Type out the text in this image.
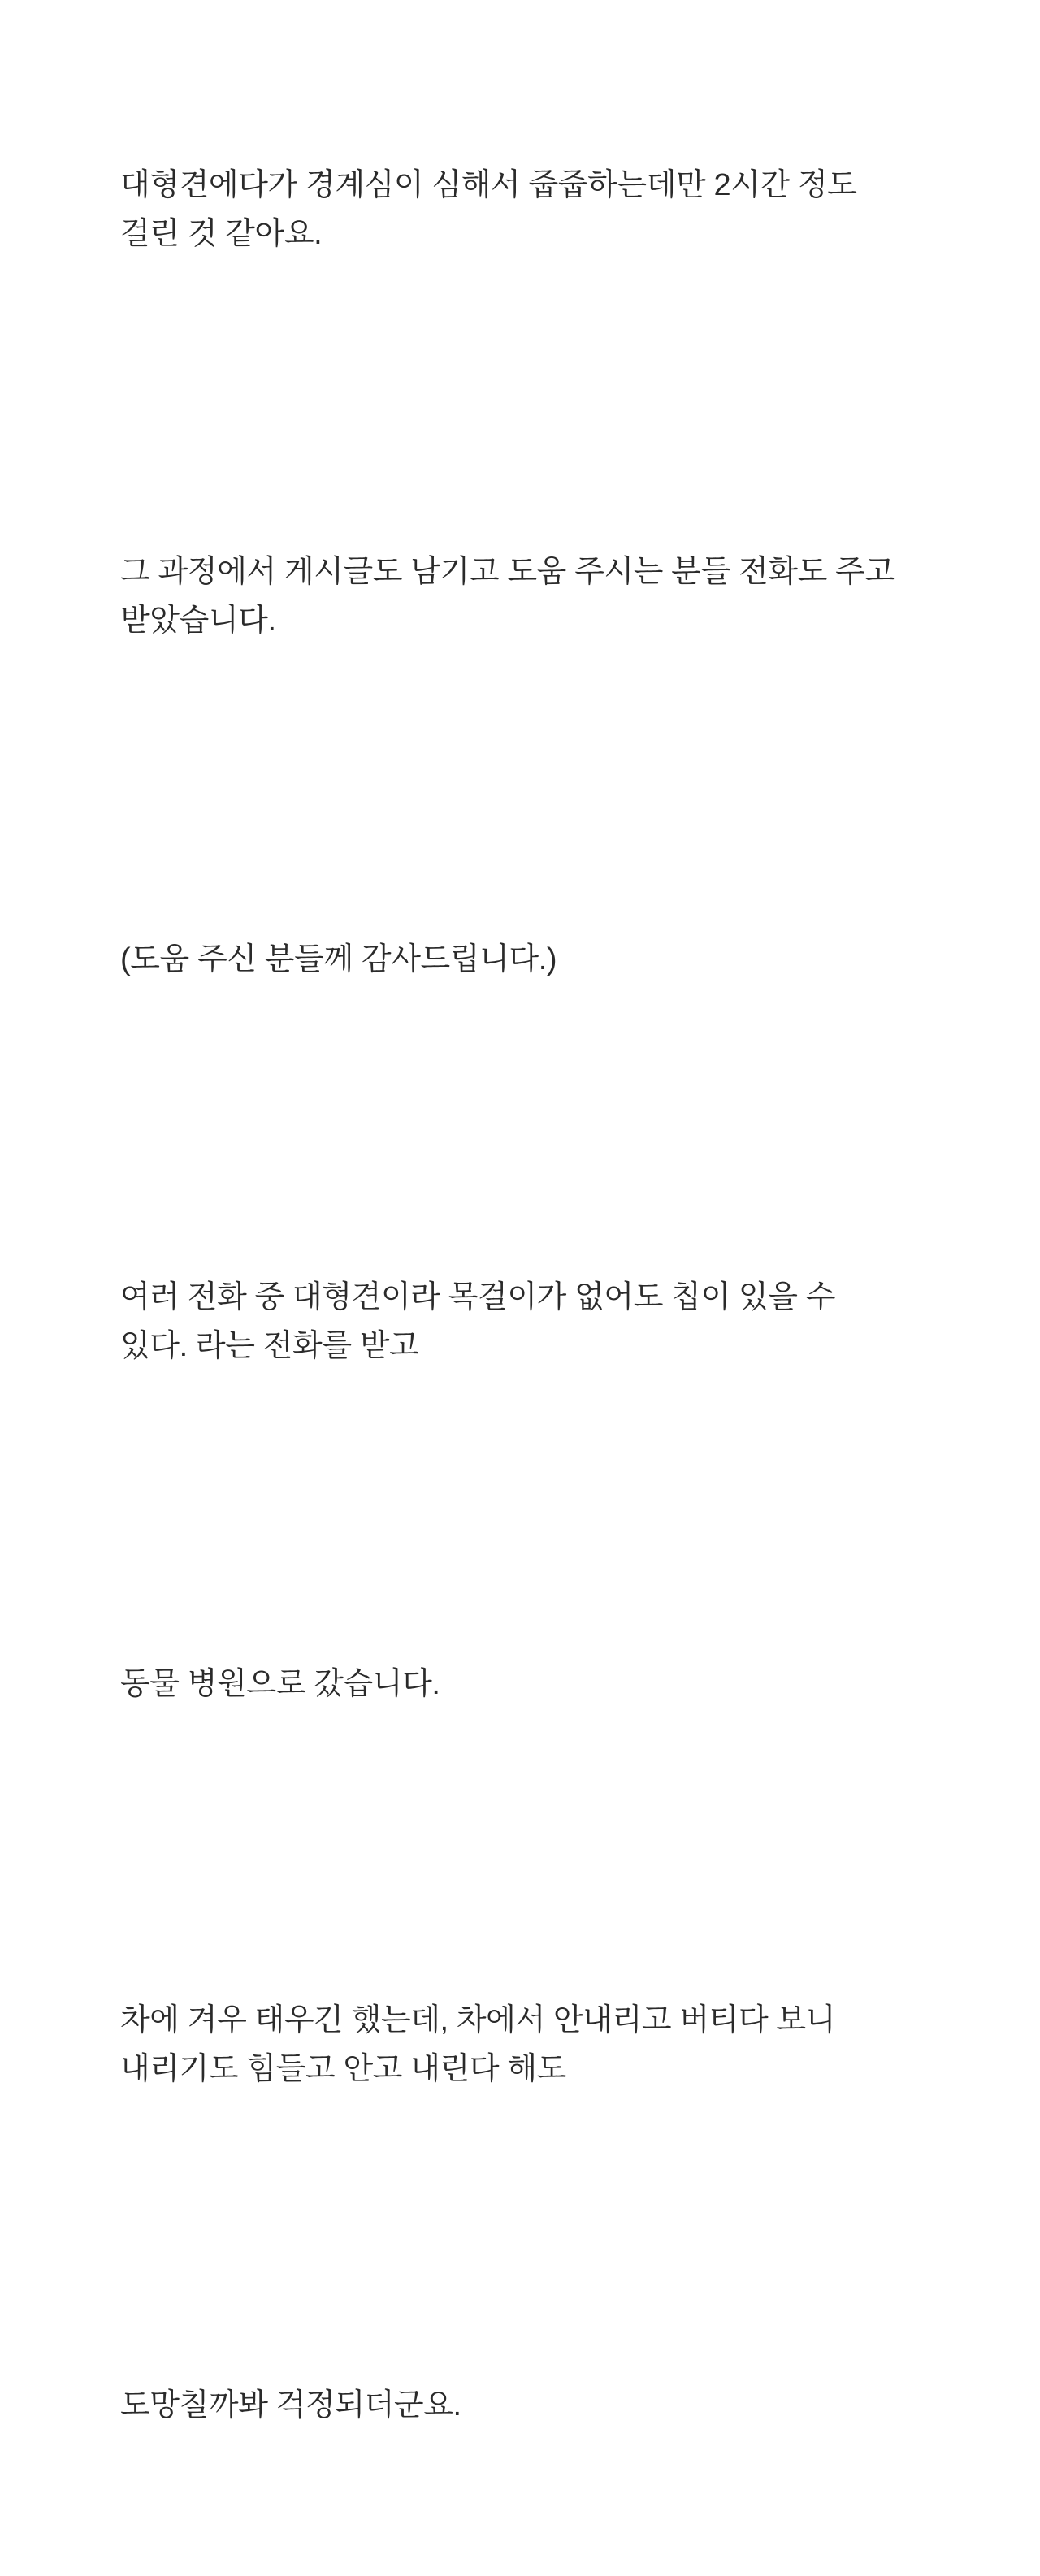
대형견에다가 경계심이 심해서 줍줍하는데만 2시간 정도 걸린 것 같아요.

그 과정에서 게시글도 남기고 도움 주시는 분들 전화도 주고 받았습니다.

(도움 주신 분들께 감사드립니다.)

여러 전화 중 대형견이라 목걸이가 없어도 칩이 있을 수 있다. 라는 전화를 받고

동물 병원으로 갔습니다.

차에 겨우 태우긴 했는데, 차에서 안내리고 버티다 보니 내리기도 힘들고 안고 내린다 해도

도망칠까봐 걱정되더군요.
